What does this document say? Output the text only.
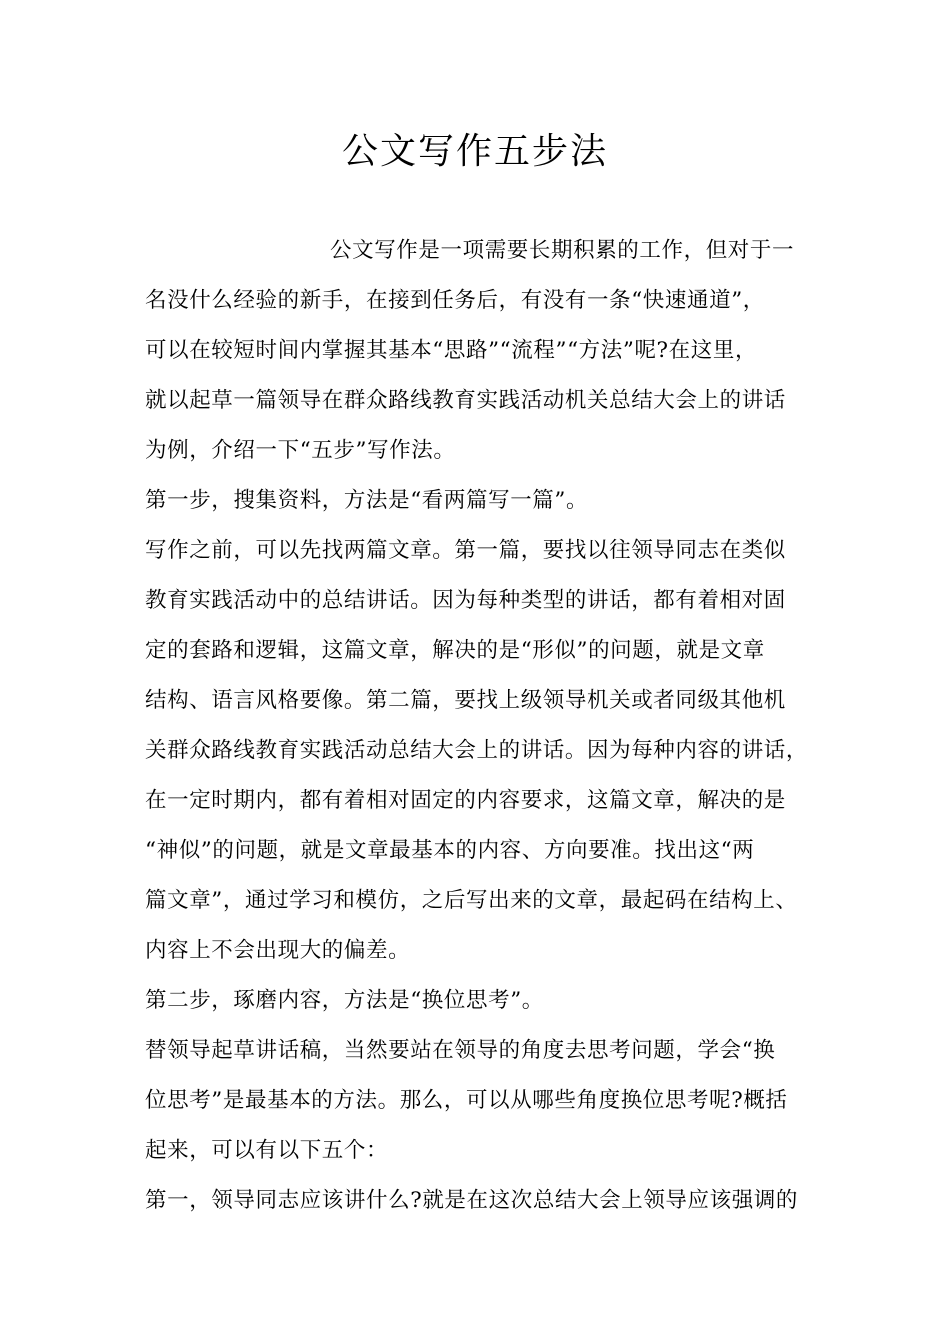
公文写作五步法
公文写作是一项需要长期积累的工作，但对于一
名没什么经验的新手，在接到任务后，有没有一条“快速通道”，
可以在较短时间内掌握其基本“思路”“流程”“方法”呢?在这里，
就以起草一篇领导在群众路线教育实践活动机关总结大会上的讲话
为例，介绍一下“五步”写作法。
第一步，搜集资料，方法是“看两篇写一篇”。
写作之前，可以先找两篇文章。第一篇，要找以往领导同志在类似
教育实践活动中的总结讲话。因为每种类型的讲话，都有着相对固
定的套路和逻辑，这篇文章，解决的是“形似”的问题，就是文章
结构、语言风格要像。第二篇，要找上级领导机关或者同级其他机
关群众路线教育实践活动总结大会上的讲话。因为每种内容的讲话，
在一定时期内，都有着相对固定的内容要求，这篇文章，解决的是
“神似”的问题，就是文章最基本的内容、方向要准。找出这“两
篇文章”，通过学习和模仿，之后写出来的文章，最起码在结构上、
内容上不会出现大的偏差。
第二步，琢磨内容，方法是“换位思考”。
替领导起草讲话稿，当然要站在领导的角度去思考问题，学会“换
位思考”是最基本的方法。那么，可以从哪些角度换位思考呢?概括
起来，可以有以下五个：
第一，领导同志应该讲什么?就是在这次总结大会上领导应该强调的
